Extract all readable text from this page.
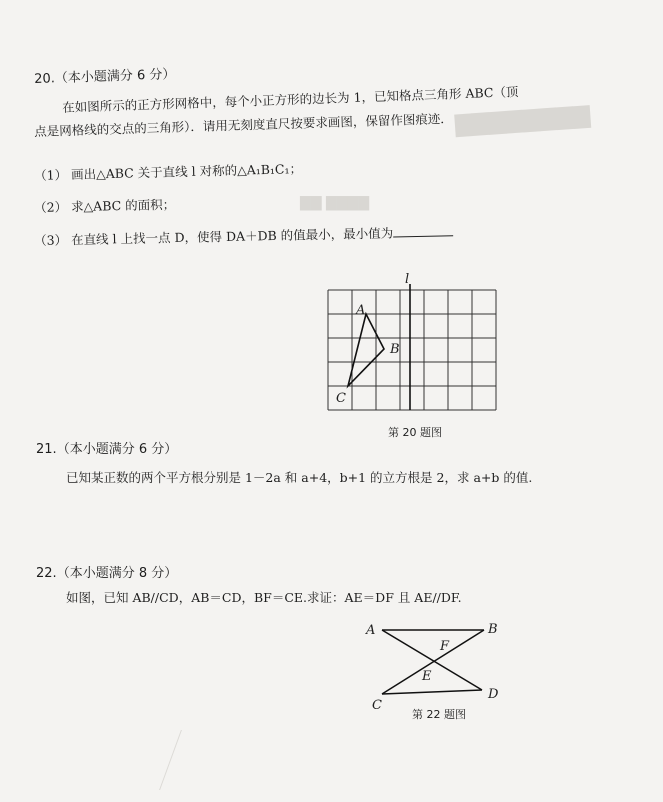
▇▇▇▇▇▇▇▇
▇▇ ▇▇▇▇
20.（本小题满分 6 分）
在如图所示的正方形网格中，每个小正方形的边长为 1，已知格点三角形 ABC（顶
点是网格线的交点的三角形）．请用无刻度直尺按要求画图，保留作图痕迹．
（1） 画出△ABC 关于直线 l 对称的△A₁B₁C₁；
（2） 求△ABC 的面积；
（3） 在直线 l 上找一点 D，使得 DA＋DB 的值最小，最小值为
l
A
B
C
第 20 题图
21.（本小题满分 6 分）
已知某正数的两个平方根分别是 1－2a 和 a+4，b+1 的立方根是 2，求 a+b 的值.
22.（本小题满分 8 分）
如图，已知 AB//CD，AB＝CD，BF＝CE.求证：AE＝DF 且 AE//DF.
A	B
C
D
F
E
第 22 题图
